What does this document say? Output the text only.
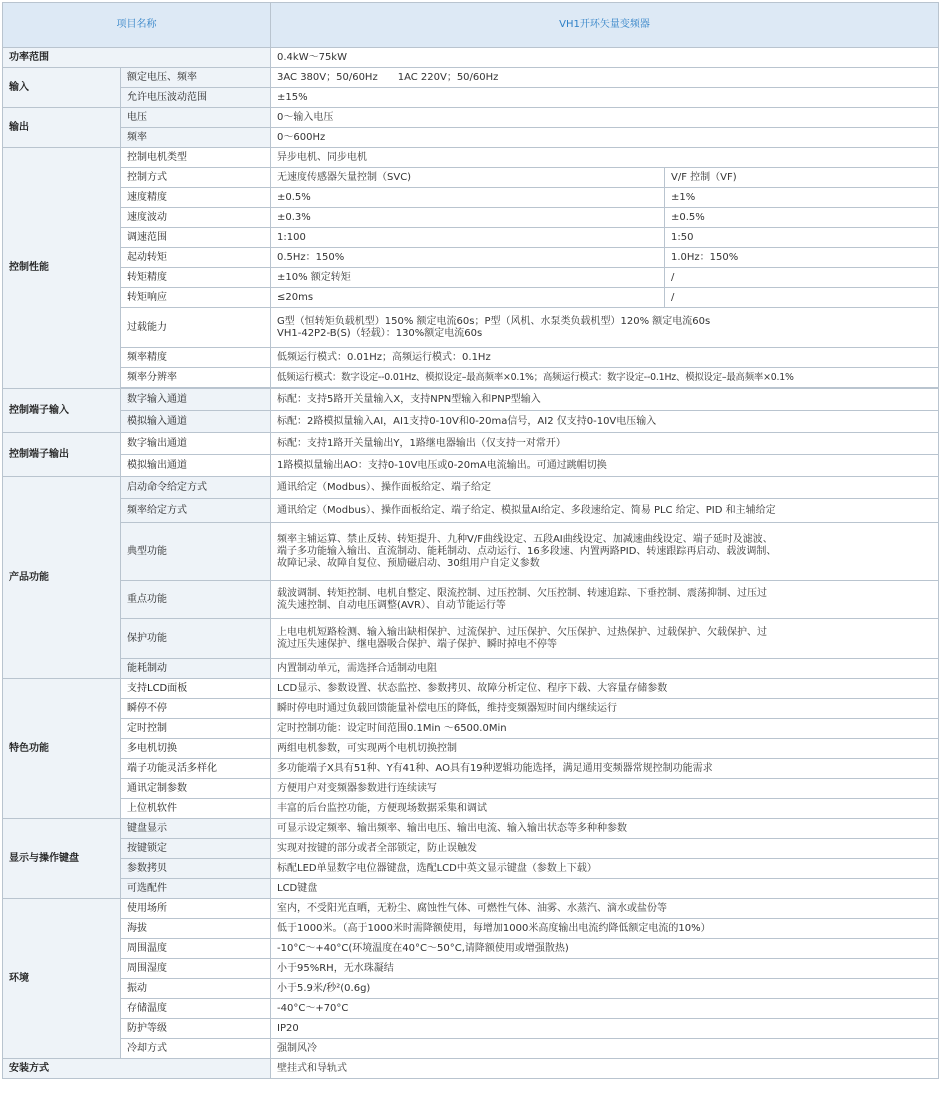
项目名称		VH1开环矢量变频器	
功率范围		0.4kW～75kW	
输入	额定电压、频率	3AC 380V；50/60Hz　　1AC 220V；50/60Hz	
	允许电压波动范围	±15%	
输出	电压	0～输入电压	
	频率	0～600Hz	
控制性能	控制电机类型	异步电机、同步电机	
	控制方式	无速度传感器矢量控制（SVC)	V/F 控制（VF)
	速度精度	±0.5%	±1%
	速度波动	±0.3%	±0.5%
	调速范围	1:100	1:50
	起动转矩	0.5Hz：150%	1.0Hz：150%
	转矩精度	±10% 额定转矩	/
	转矩响应	≤20ms	/
	过载能力	G型（恒转矩负载机型）150% 额定电流60s；P型（风机、水泵类负载机型）120% 额定电流60s
VH1-42P2-B(S)（轻载）：130%额定电流60s	

	频率精度	低频运行模式：0.01Hz；高频运行模式：0.1Hz	
	频率分辨率	低频运行模式：数字设定--0.01Hz、模拟设定–最高频率×0.1%；高频运行模式：数字设定--0.1Hz、模拟设定–最高频率×0.1%	

控制端子输入	数字输入通道	标配：支持5路开关量输入X，支持NPN型输入和PNP型输入	
	模拟输入通道	标配：2路模拟量输入AI，AI1支持0-10V和0-20ma信号，AI2 仅支持0-10V电压输入	
控制端子输出	数字输出通道	标配：支持1路开关量输出Y，1路继电器输出（仅支持一对常开）	
	模拟输出通道	1路模拟量输出AO：支持0-10V电压或0-20mA电流输出。可通过跳帽切换	
产品功能	启动命令给定方式	通讯给定（Modbus）、操作面板给定、端子给定	
	频率给定方式	通讯给定（Modbus）、操作面板给定、端子给定、模拟量AI给定、多段速给定、简易 PLC 给定、PID 和主辅给定	
	典型功能	频率主辅运算、禁止反转、转矩提升、九种V/F曲线设定、五段AI曲线设定、加减速曲线设定、端子延时及滤波、
端子多功能输入输出、直流制动、能耗制动、点动运行、16多段速、内置两路PID、转速跟踪再启动、载波调制、
故障记录、故障自复位、预励磁启动、30组用户自定义参数	

	重点功能	载波调制、转矩控制、电机自整定、限流控制、过压控制、欠压控制、转速追踪、下垂控制、震荡抑制、过压过
流失速控制、自动电压调整(AVR）、自动节能运行等	

	保护功能	上电电机短路检测、输入输出缺相保护、过流保护、过压保护、欠压保护、过热保护、过载保护、欠载保护、过
流过压失速保护、继电器吸合保护、端子保护、瞬时掉电不停等	

	能耗制动	内置制动单元，需选择合适制动电阻	
特色功能	支持LCD面板	LCD显示、参数设置、状态监控、参数拷贝、故障分析定位、程序下载、大容量存储参数	
	瞬停不停	瞬时停电时通过负载回馈能量补偿电压的降低，维持变频器短时间内继续运行	
	定时控制	定时控制功能：设定时间范围0.1Min ～6500.0Min	
	多电机切换	两组电机参数，可实现两个电机切换控制	
	端子功能灵活多样化	多功能端子X具有51种、Y有41种、AO具有19种逻辑功能选择，满足通用变频器常规控制功能需求	
	通讯定制参数	方便用户对变频器参数进行连续读写	
	上位机软件	丰富的后台监控功能，方便现场数据采集和调试	
显示与操作键盘	键盘显示	可显示设定频率、输出频率、输出电压、输出电流、输入输出状态等多种种参数	
	按键锁定	实现对按键的部分或者全部锁定，防止误触发	
	参数拷贝	标配LED单显数字电位器键盘，选配LCD中英文显示键盘（参数上下载）	
	可选配件	LCD键盘	
环境	使用场所	室内，不受阳光直晒，无粉尘、腐蚀性气体、可燃性气体、油雾、水蒸汽、滴水或盐份等	
	海拔	低于1000米。（高于1000米时需降额使用，每增加1000米高度输出电流约降低额定电流的10%）	
	周围温度	-10°C～+40°C(环境温度在40°C～50°C,请降额使用或增强散热)	
	周围湿度	小于95%RH，无水珠凝结	
	振动	小于5.9米/秒²(0.6g)	
	存储温度	-40°C～+70°C	
	防护等级	IP20	
	冷却方式	强制风冷	
安装方式		壁挂式和导轨式	
